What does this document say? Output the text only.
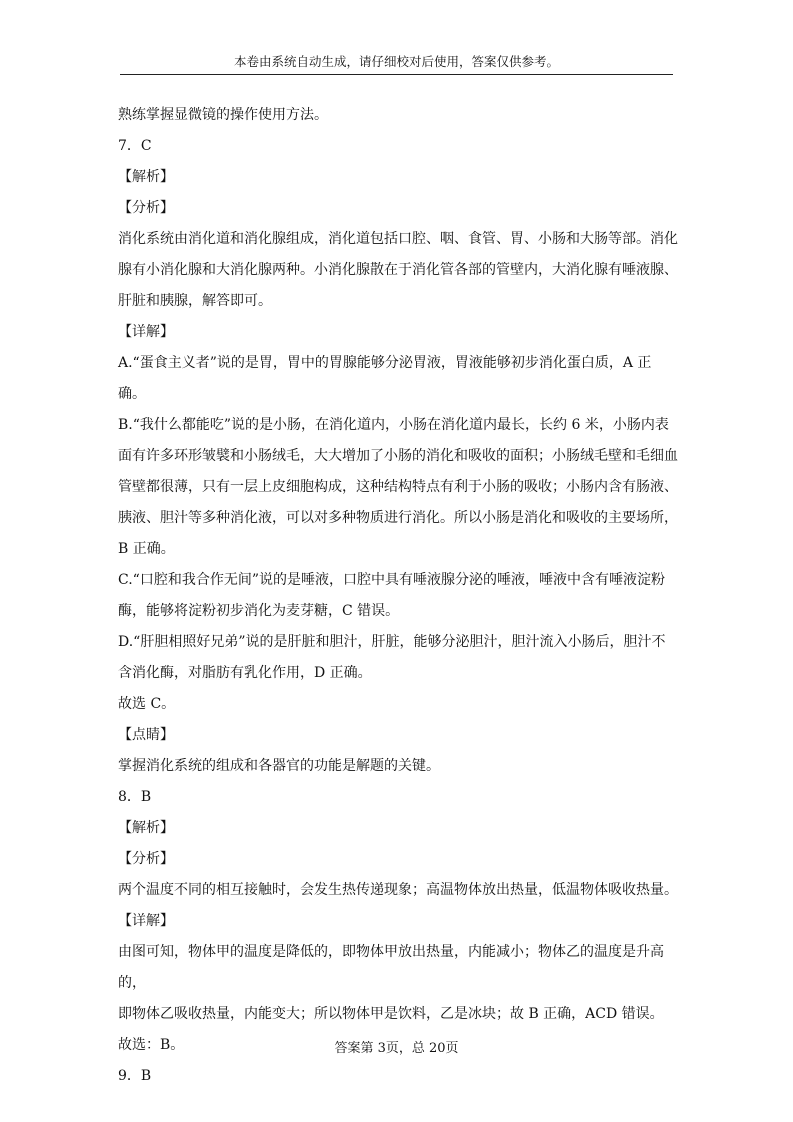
本卷由系统自动生成，请仔细校对后使用，答案仅供参考。

熟练掌握显微镜的操作使用方法。

7．C

【解析】

【分析】

消化系统由消化道和消化腺组成，消化道包括口腔、咽、食管、胃、小肠和大肠等部。消化

腺有小消化腺和大消化腺两种。小消化腺散在于消化管各部的管壁内，大消化腺有唾液腺、

肝脏和胰腺，解答即可。

【详解】

A.“蛋食主义者”说的是胃，胃中的胃腺能够分泌胃液，胃液能够初步消化蛋白质，A 正确。

B.“我什么都能吃”说的是小肠，在消化道内，小肠在消化道内最长，长约 6 米，小肠内表

面有许多环形皱襞和小肠绒毛，大大增加了小肠的消化和吸收的面积；小肠绒毛壁和毛细血

管壁都很薄，只有一层上皮细胞构成，这种结构特点有利于小肠的吸收；小肠内含有肠液、

胰液、胆汁等多种消化液，可以对多种物质进行消化。所以小肠是消化和吸收的主要场所，

B 正确。

C.“口腔和我合作无间”说的是唾液，口腔中具有唾液腺分泌的唾液，唾液中含有唾液淀粉

酶，能够将淀粉初步消化为麦芽糖，C 错误。

D.“肝胆相照好兄弟”说的是肝脏和胆汁，肝脏，能够分泌胆汁，胆汁流入小肠后，胆汁不

含消化酶，对脂肪有乳化作用，D 正确。

故选 C。

【点睛】

掌握消化系统的组成和各器官的功能是解题的关键。

8．B

【解析】

【分析】

两个温度不同的相互接触时，会发生热传递现象；高温物体放出热量，低温物体吸收热量。

【详解】

由图可知，物体甲的温度是降低的，即物体甲放出热量，内能减小；物体乙的温度是升高的，

即物体乙吸收热量，内能变大；所以物体甲是饮料，乙是冰块；故 B 正确，ACD 错误。

故选：B。

9．B

答案第 3页，总 20页
